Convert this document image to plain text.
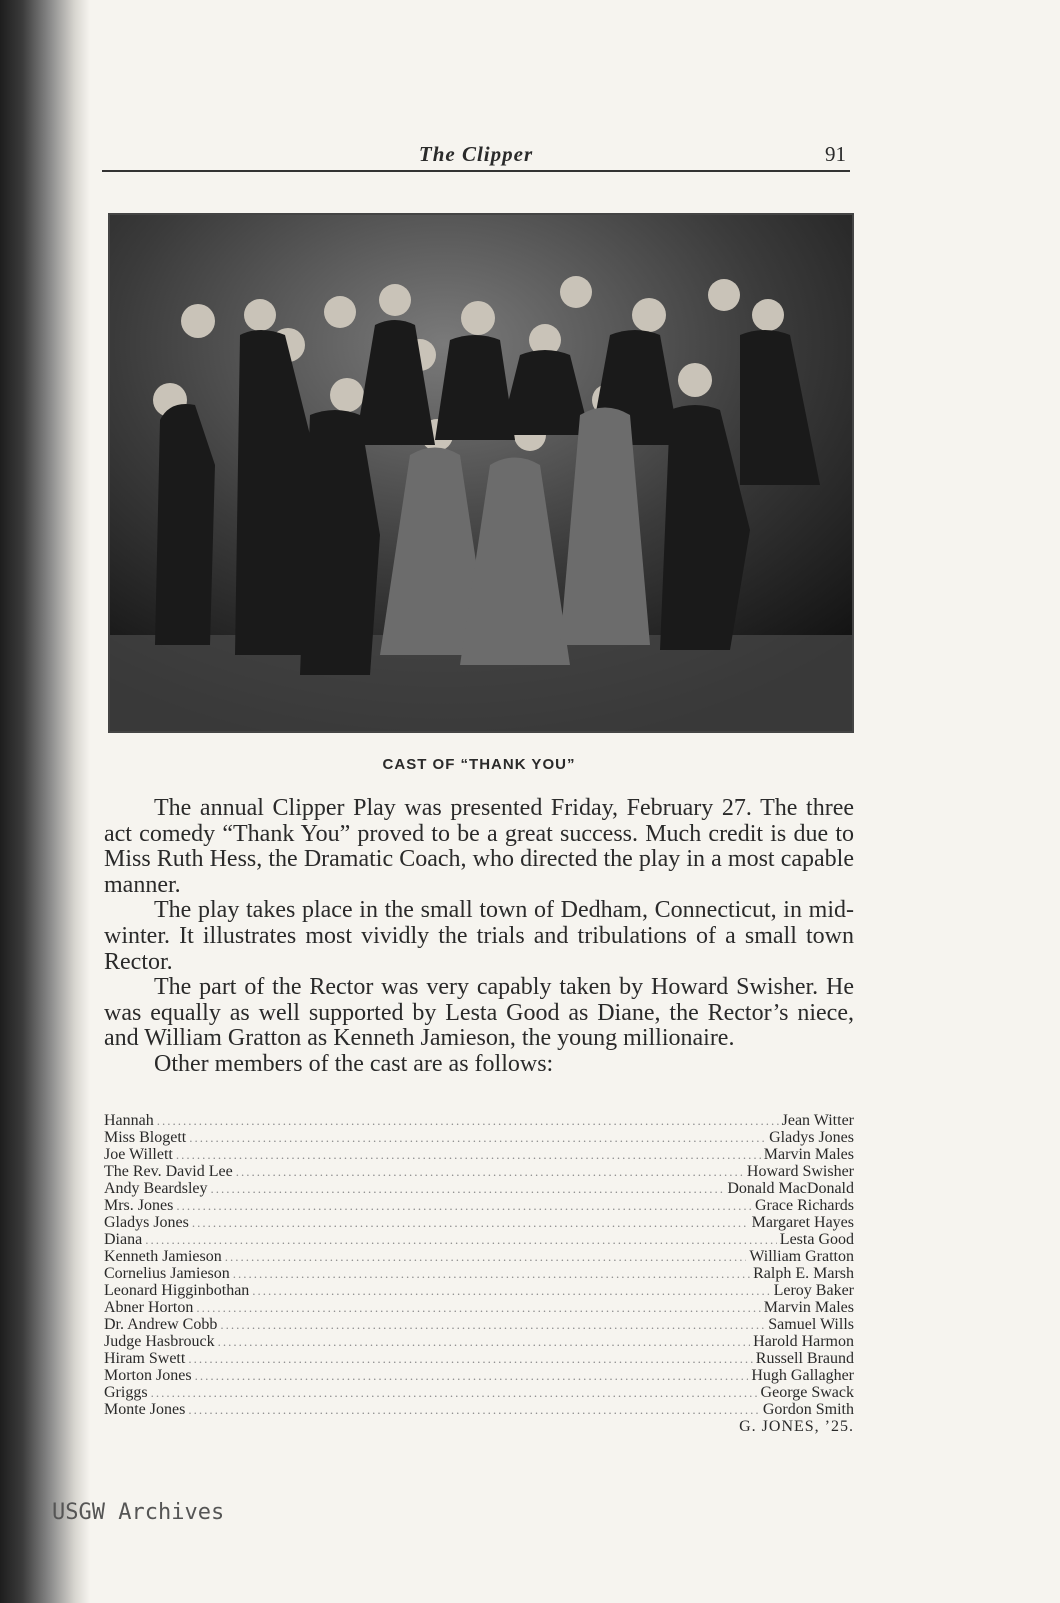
The Clipper	91
CAST OF “THANK YOU”

The annual Clipper Play was presented Friday, February 27. The three act comedy “Thank You” proved to be a great success. Much credit is due to Miss Ruth Hess, the Dramatic Coach, who directed the play in a most capable manner.

The play takes place in the small town of Dedham, Connecticut, in mid-winter. It illustrates most vividly the trials and tribulations of a small town Rector.

The part of the Rector was very capably taken by Howard Swisher. He was equally as well supported by Lesta Good as Diane, the Rector’s niece, and William Gratton as Kenneth Jamieson, the young millionaire.

Other members of the cast are as follows:

Hannah .....	Jean Witter
Miss Blogett .....	Gladys Jones
Joe Willett .....	Marvin Males
The Rev. David Lee .....	Howard Swisher
Andy Beardsley .....	Donald MacDonald
Mrs. Jones .....	Grace Richards
Gladys Jones .....	Margaret Hayes
Diana .....	Lesta Good
Kenneth Jamieson .....	William Gratton
Cornelius Jamieson .....	Ralph E. Marsh
Leonard Higginbothan .....	Leroy Baker
Abner Horton .....	Marvin Males
Dr. Andrew Cobb .....	Samuel Wills
Judge Hasbrouck .....	Harold Harmon
Hiram Swett .....	Russell Braund
Morton Jones .....	Hugh Gallagher
Griggs .....	George Swack
Monte Jones .....	Gordon Smith
G. JONES, ’25.
USGW Archives
